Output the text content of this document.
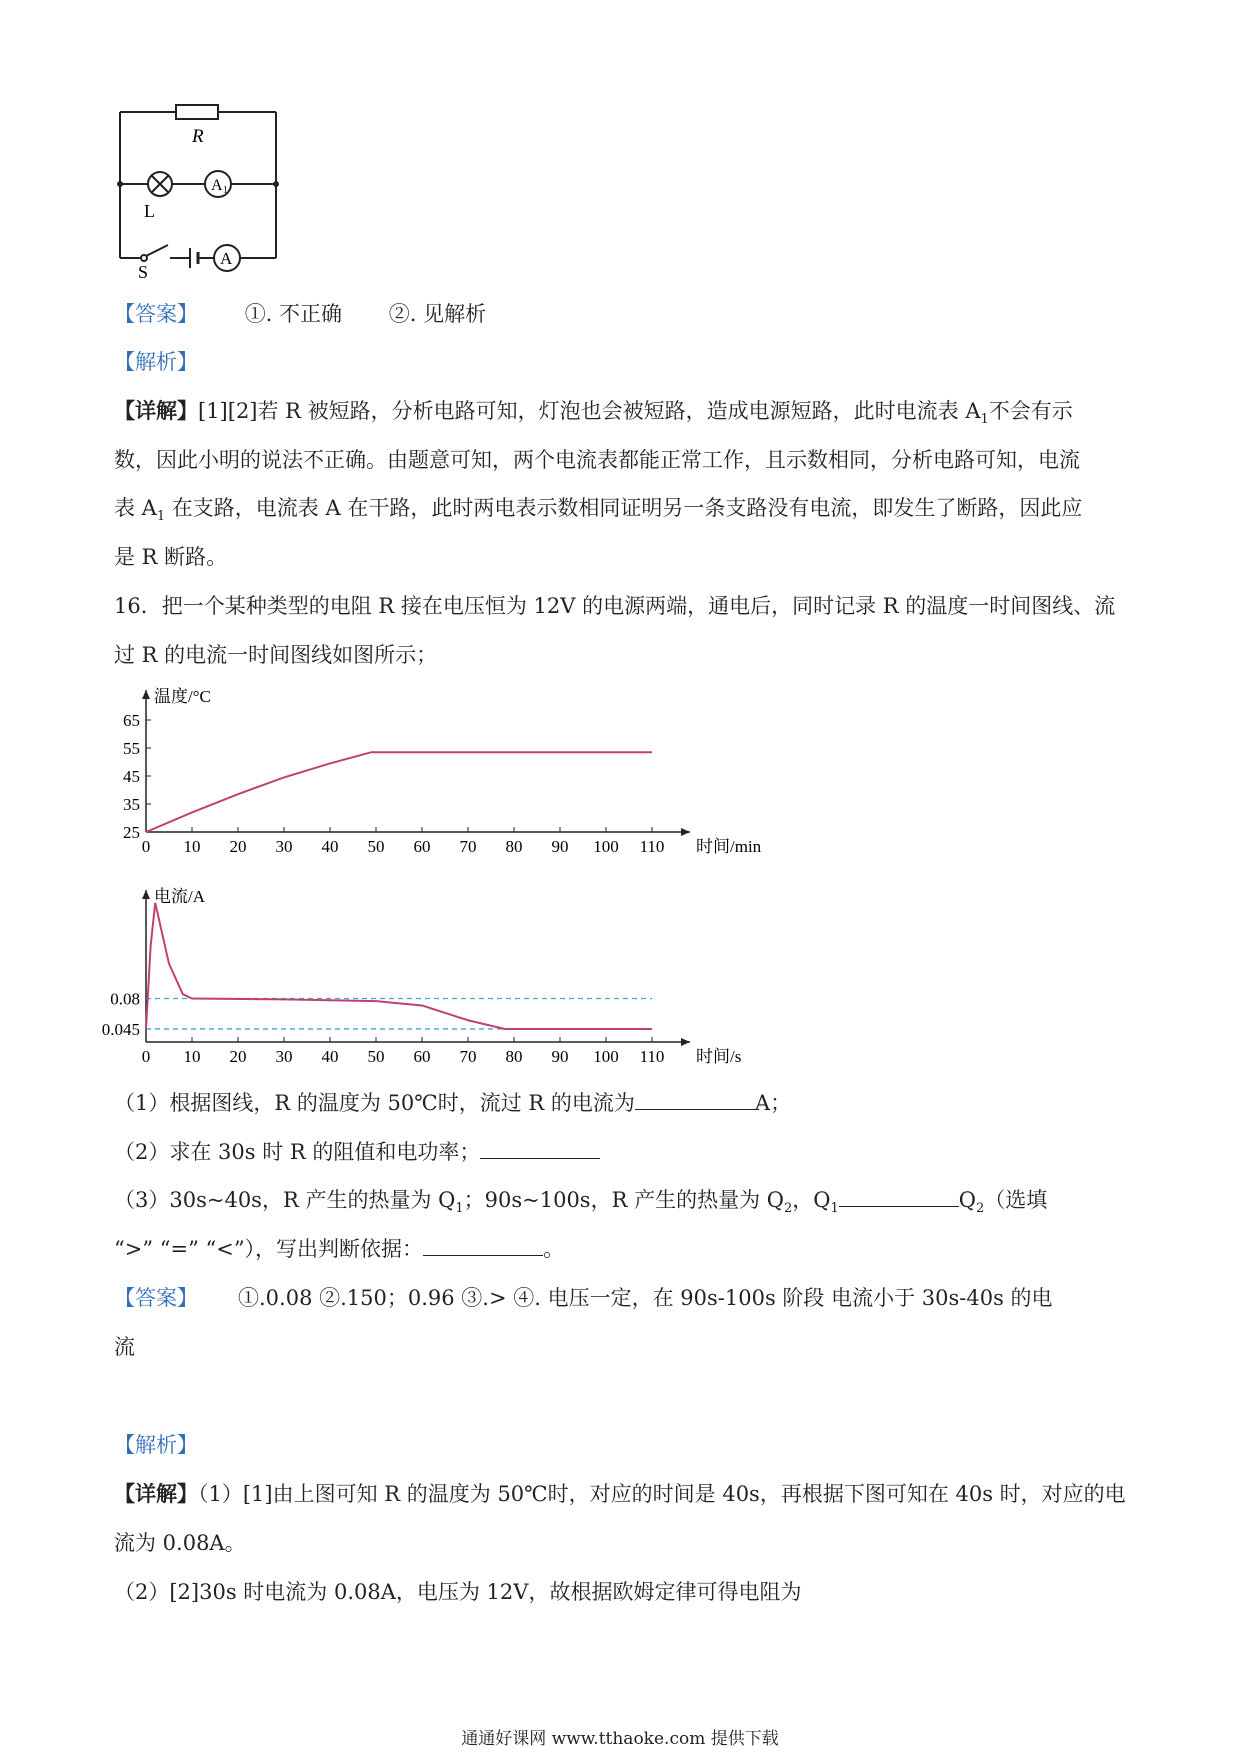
R
L
A 1
A
S
【答案】 ①. 不正确 ②. 见解析
【解析】
【详解】[1][2]若 R 被短路，分析电路可知，灯泡也会被短路，造成电源短路，此时电流表 $A_1$不会有示
数，因此小明的说法不正确。由题意可知，两个电流表都能正常工作，且示数相同，分析电路可知，电流
表 $A_1$ 在支路，电流表 A 在干路，此时两电表示数相同证明另一条支路没有电流，即发生了断路，因此应
是 R 断路。
16．把一个某种类型的电阻 R 接在电压恒为 12V 的电源两端，通电后，同时记录 R 的温度一时间图线、流
过 R 的电流一时间图线如图所示；
温度/°C
时间/min
0 10 20 30 40 50 60 70 80 90 100 110
25
35
45
55
65
电流/A
时间/s
0 10 20 30 40 50 60 70 80 90 100 110
0.045
0.08
（1）根据图线，R 的温度为 50℃时，流过 R 的电流为	A；
（2）求在 30s 时 R 的阻值和电功率；
（3）30s~40s，R 产生的热量为 $Q_1$；90s~100s，R 产生的热量为 $Q_2$，$Q_1$	$Q_2$（选填
“>” “=” “<”），写出判断依据：	。
【答案】 ①.0.08 ②.150；0.96 ③.> ④. 电压一定，在 90s-100s 阶段 电流小于 30s-40s 的电
流
【解析】
【详解】（1）[1]由上图可知 R 的温度为 50℃时，对应的时间是 40s，再根据下图可知在 40s 时，对应的电
流为 0.08A。
（2）[2]30s 时电流为 0.08A，电压为 12V，故根据欧姆定律可得电阻为
通通好课网 www.tthaoke.com 提供下载
